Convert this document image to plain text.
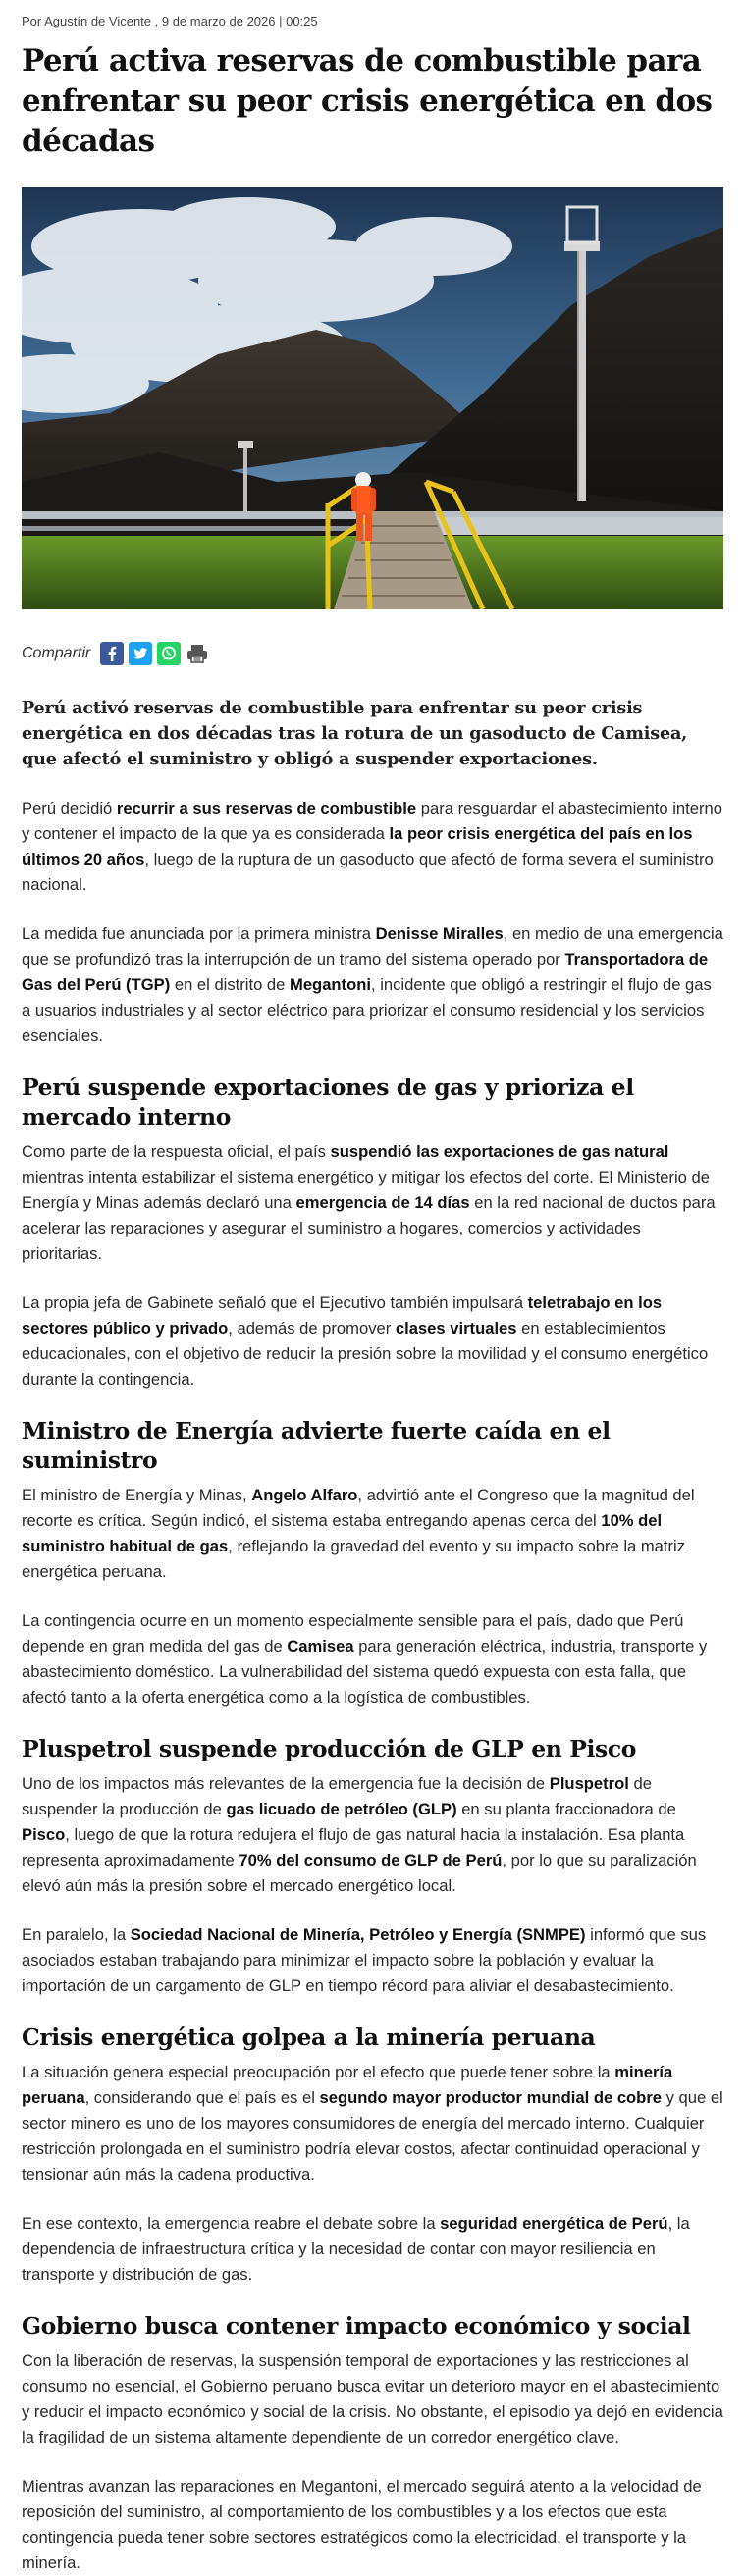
Por Agustín de Vicente , 9 de marzo de 2026 | 00:25
Perú activa reservas de combustible para enfrentar su peor crisis energética en dos décadas
Compartir

Perú activó reservas de combustible para enfrentar su peor crisis energética en dos décadas tras la rotura de un gasoducto de Camisea, que afectó el suministro y obligó a suspender exportaciones.

Perú decidió recurrir a sus reservas de combustible para resguardar el abastecimiento interno y contener el impacto de la que ya es considerada la peor crisis energética del país en los últimos 20 años, luego de la ruptura de un gasoducto que afectó de forma severa el suministro nacional.

La medida fue anunciada por la primera ministra Denisse Miralles, en medio de una emergencia que se profundizó tras la interrupción de un tramo del sistema operado por Transportadora de Gas del Perú (TGP) en el distrito de Megantoni, incidente que obligó a restringir el flujo de gas a usuarios industriales y al sector eléctrico para priorizar el consumo residencial y los servicios esenciales.

Perú suspende exportaciones de gas y prioriza el mercado interno

Como parte de la respuesta oficial, el país suspendió las exportaciones de gas natural mientras intenta estabilizar el sistema energético y mitigar los efectos del corte. El Ministerio de Energía y Minas además declaró una emergencia de 14 días en la red nacional de ductos para acelerar las reparaciones y asegurar el suministro a hogares, comercios y actividades prioritarias.

La propia jefa de Gabinete señaló que el Ejecutivo también impulsará teletrabajo en los sectores público y privado, además de promover clases virtuales en establecimientos educacionales, con el objetivo de reducir la presión sobre la movilidad y el consumo energético durante la contingencia.

Ministro de Energía advierte fuerte caída en el suministro

El ministro de Energía y Minas, Angelo Alfaro, advirtió ante el Congreso que la magnitud del recorte es crítica. Según indicó, el sistema estaba entregando apenas cerca del 10% del suministro habitual de gas, reflejando la gravedad del evento y su impacto sobre la matriz energética peruana.

La contingencia ocurre en un momento especialmente sensible para el país, dado que Perú depende en gran medida del gas de Camisea para generación eléctrica, industria, transporte y abastecimiento doméstico. La vulnerabilidad del sistema quedó expuesta con esta falla, que afectó tanto a la oferta energética como a la logística de combustibles.

Pluspetrol suspende producción de GLP en Pisco

Uno de los impactos más relevantes de la emergencia fue la decisión de Pluspetrol de suspender la producción de gas licuado de petróleo (GLP) en su planta fraccionadora de Pisco, luego de que la rotura redujera el flujo de gas natural hacia la instalación. Esa planta representa aproximadamente 70% del consumo de GLP de Perú, por lo que su paralización elevó aún más la presión sobre el mercado energético local.

En paralelo, la Sociedad Nacional de Minería, Petróleo y Energía (SNMPE) informó que sus asociados estaban trabajando para minimizar el impacto sobre la población y evaluar la importación de un cargamento de GLP en tiempo récord para aliviar el desabastecimiento.

Crisis energética golpea a la minería peruana

La situación genera especial preocupación por el efecto que puede tener sobre la minería peruana, considerando que el país es el segundo mayor productor mundial de cobre y que el sector minero es uno de los mayores consumidores de energía del mercado interno. Cualquier restricción prolongada en el suministro podría elevar costos, afectar continuidad operacional y tensionar aún más la cadena productiva.

En ese contexto, la emergencia reabre el debate sobre la seguridad energética de Perú, la dependencia de infraestructura crítica y la necesidad de contar con mayor resiliencia en transporte y distribución de gas.

Gobierno busca contener impacto económico y social

Con la liberación de reservas, la suspensión temporal de exportaciones y las restricciones al consumo no esencial, el Gobierno peruano busca evitar un deterioro mayor en el abastecimiento y reducir el impacto económico y social de la crisis. No obstante, el episodio ya dejó en evidencia la fragilidad de un sistema altamente dependiente de un corredor energético clave.

Mientras avanzan las reparaciones en Megantoni, el mercado seguirá atento a la velocidad de reposición del suministro, al comportamiento de los combustibles y a los efectos que esta contingencia pueda tener sobre sectores estratégicos como la electricidad, el transporte y la minería.
